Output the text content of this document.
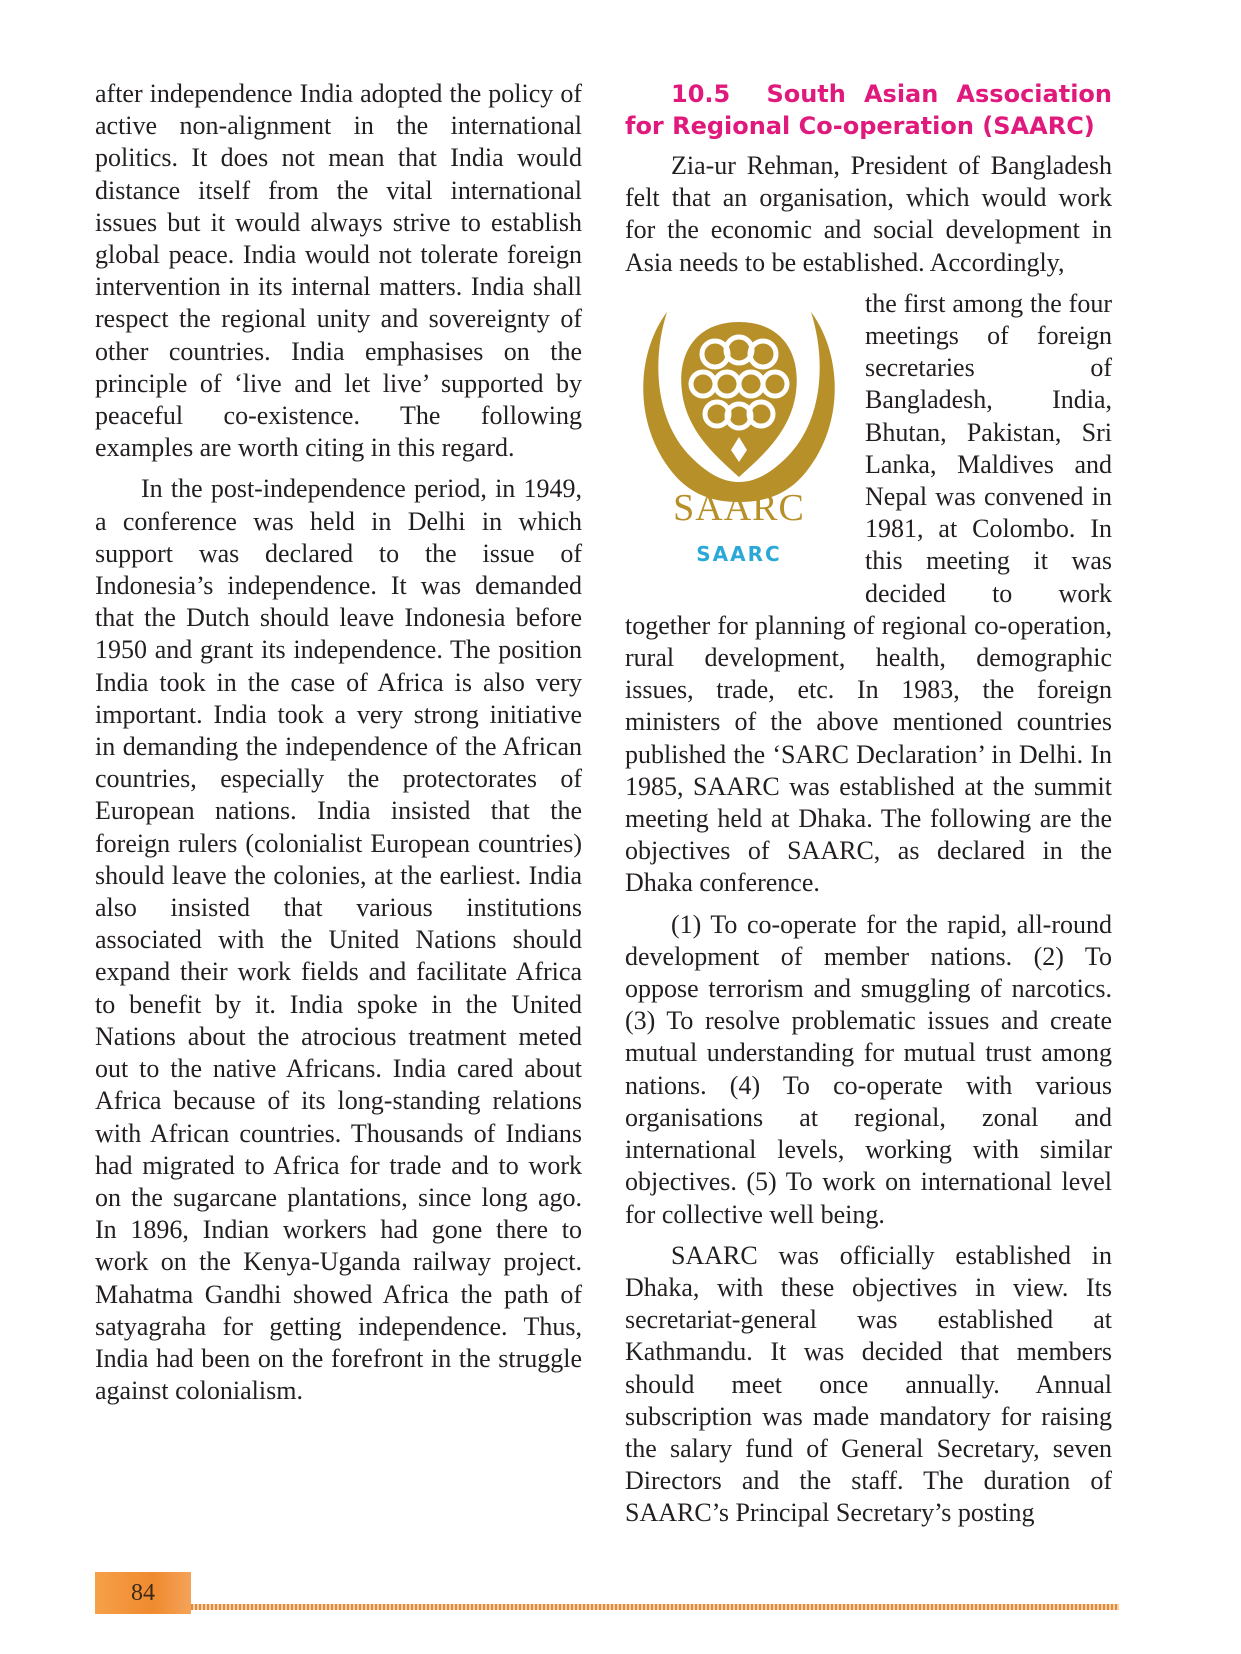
after independence India adopted the policy of active non-alignment in the international politics. It does not mean that India would distance itself from the vital international issues but it would always strive to establish global peace. India would not tolerate foreign intervention in its internal matters. India shall respect the regional unity and sovereignty of other countries. India emphasises on the principle of ‘live and let live’ supported by peaceful co-existence. The following examples are worth citing in this regard.

In the post-independence period, in 1949, a conference was held in Delhi in which support was declared to the issue of Indonesia’s independence. It was demanded that the Dutch should leave Indonesia before 1950 and grant its independence. The position India took in the case of Africa is also very important. India took a very strong initiative in demanding the independence of the African countries, especially the protectorates of European nations. India insisted that the foreign rulers (colonialist European countries) should leave the colonies, at the earliest. India also insisted that various institutions associated with the United Nations should expand their work fields and facilitate Africa to benefit by it. India spoke in the United Nations about the atrocious treatment meted out to the native Africans. India cared about Africa because of its long-standing relations with African countries. Thousands of Indians had migrated to Africa for trade and to work on the sugarcane plantations, since long ago. In 1896, Indian workers had gone there to work on the Kenya-Uganda railway project. Mahatma Gandhi showed Africa the path of satyagraha for getting independence. Thus, India had been on the forefront in the struggle against colonialism.

10.5 South Asian Association for Regional Co-operation (SAARC)

Zia-ur Rehman, President of Bangladesh felt that an organisation, which would work for the economic and social development in Asia needs to be established. Accordingly,

SAARC
SAARC

the first among the four meetings of foreign secretaries of Bangladesh, India, Bhutan, Pakistan, Sri Lanka, Maldives and Nepal was convened in 1981, at Colombo. In this meeting it was decided to work together for planning of regional co-operation, rural development, health, demographic issues, trade, etc. In 1983, the foreign ministers of the above mentioned countries published the ‘SARC Declaration’ in Delhi. In 1985, SAARC was established at the summit meeting held at Dhaka. The following are the objectives of SAARC, as declared in the Dhaka conference.

(1) To co-operate for the rapid, all-round development of member nations. (2) To oppose terrorism and smuggling of narcotics. (3) To resolve problematic issues and create mutual understanding for mutual trust among nations. (4) To co-operate with various organisations at regional, zonal and international levels, working with similar objectives. (5) To work on international level for collective well being.

SAARC was officially established in Dhaka, with these objectives in view. Its secretariat-general was established at Kathmandu. It was decided that members should meet once annually. Annual subscription was made mandatory for raising the salary fund of General Secretary, seven Directors and the staff. The duration of SAARC’s Principal Secretary’s posting

84
